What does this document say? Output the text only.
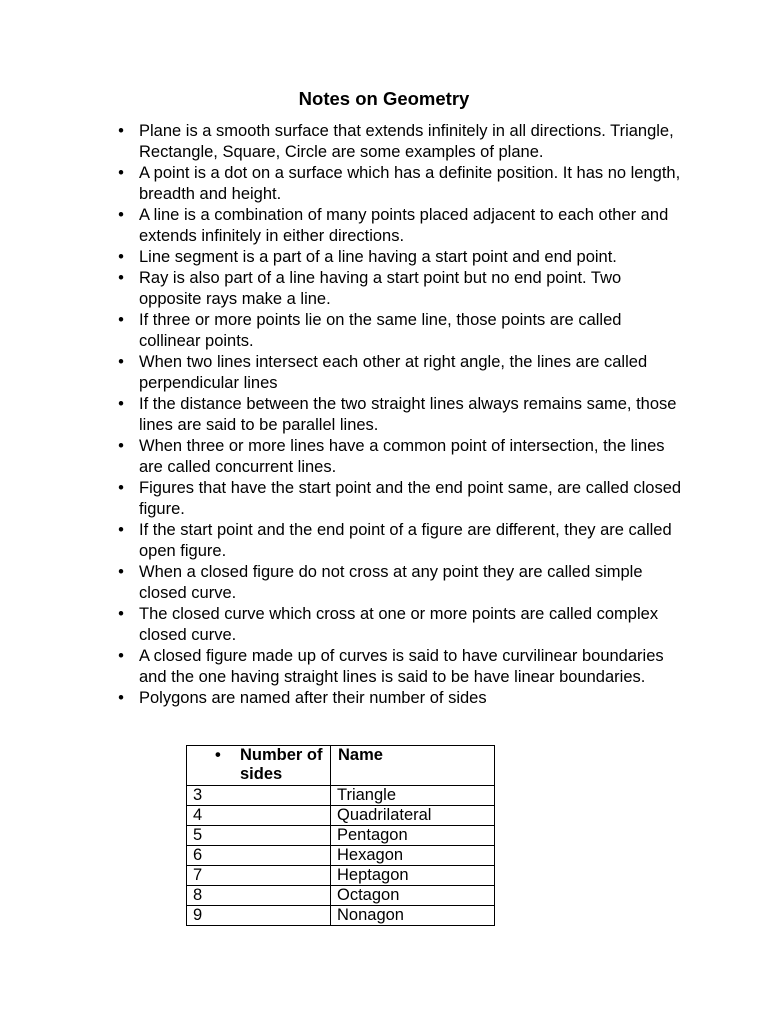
Notes on Geometry
• Plane is a smooth surface that extends infinitely in all directions. Triangle, Rectangle, Square, Circle are some examples of plane.
• A point is a dot on a surface which has a definite position. It has no length, breadth and height.
• A line is a combination of many points placed adjacent to each other and extends infinitely in either directions.
• Line segment is a part of a line having a start point and end point.
• Ray is also part of a line having a start point but no end point. Two opposite rays make a line.
• If three or more points lie on the same line, those points are called collinear points.
• When two lines intersect each other at right angle, the lines are called perpendicular lines
• If the distance between the two straight lines always remains same, those lines are said to be parallel lines.
• When three or more lines have a common point of intersection, the lines are called concurrent lines.
• Figures that have the start point and the end point same, are called closed figure.
• If the start point and the end point of a figure are different, they are called open figure.
• When a closed figure do not cross at any point they are called simple closed curve.
• The closed curve which cross at one or more points are called complex closed curve.
• A closed figure made up of curves is said to have curvilinear boundaries and the one having straight lines is said to be have linear boundaries.
• Polygons are named after their number of sides
• Number of sides	Name
3	Triangle
4	Quadrilateral
5	Pentagon
6	Hexagon
7	Heptagon
8	Octagon
9	Nonagon
